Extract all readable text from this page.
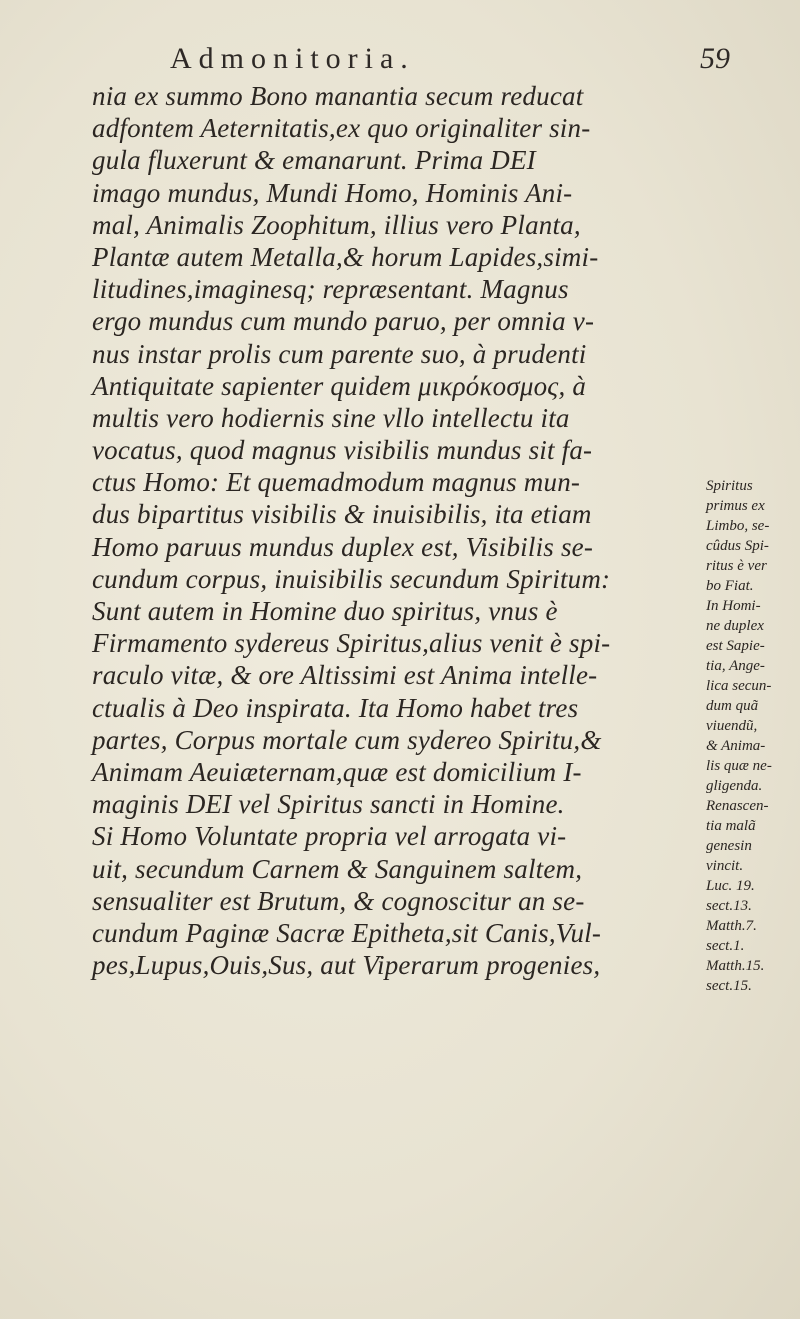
Admonitoria.	59
nia ex summo Bono manantia secum reducat
adfontem Aeternitatis,ex quo originaliter sin-
gula fluxerunt & emanarunt. Prima DEI
imago mundus, Mundi Homo, Hominis Ani-
mal, Animalis Zoophitum, illius vero Planta,
Plantæ autem Metalla,& horum Lapides,simi-
litudines,imaginesq; repræsentant. Magnus
ergo mundus cum mundo paruo, per omnia v-
nus instar prolis cum parente suo, à prudenti
Antiquitate sapienter quidem μικρόκοσμος, à
multis vero hodiernis sine vllo intellectu ita
vocatus, quod magnus visibilis mundus sit fa-
ctus Homo: Et quemadmodum magnus mun-
dus bipartitus visibilis & inuisibilis, ita etiam
Homo paruus mundus duplex est, Visibilis se-
cundum corpus, inuisibilis secundum Spiritum:
Sunt autem in Homine duo spiritus, vnus è
Firmamento sydereus Spiritus,alius venit è spi-
raculo vitæ, & ore Altissimi est Anima intelle-
ctualis à Deo inspirata. Ita Homo habet tres
partes, Corpus mortale cum sydereo Spiritu,&
Animam Aeuiæternam,quæ est domicilium I-
maginis DEI vel Spiritus sancti in Homine.
Si Homo Voluntate propria vel arrogata vi-
uit, secundum Carnem & Sanguinem saltem,
sensualiter est Brutum, & cognoscitur an se-
cundum Paginæ Sacræ Epitheta,sit Canis,Vul-
pes,Lupus,Ouis,Sus, aut Viperarum progenies,
Spiritus
primus ex
Limbo, se-
cûdus Spi-
ritus è ver
bo Fiat.
In Homi-
ne duplex
est Sapie-
tia, Ange-
lica secun-
dum quã
viuendũ,
& Anima-
lis quæ ne-
gligenda.
Renascen-
tia malã
genesin
vincit.
Luc. 19.
sect.13.
Matth.7.
sect.1.
Matth.15.
sect.15.
